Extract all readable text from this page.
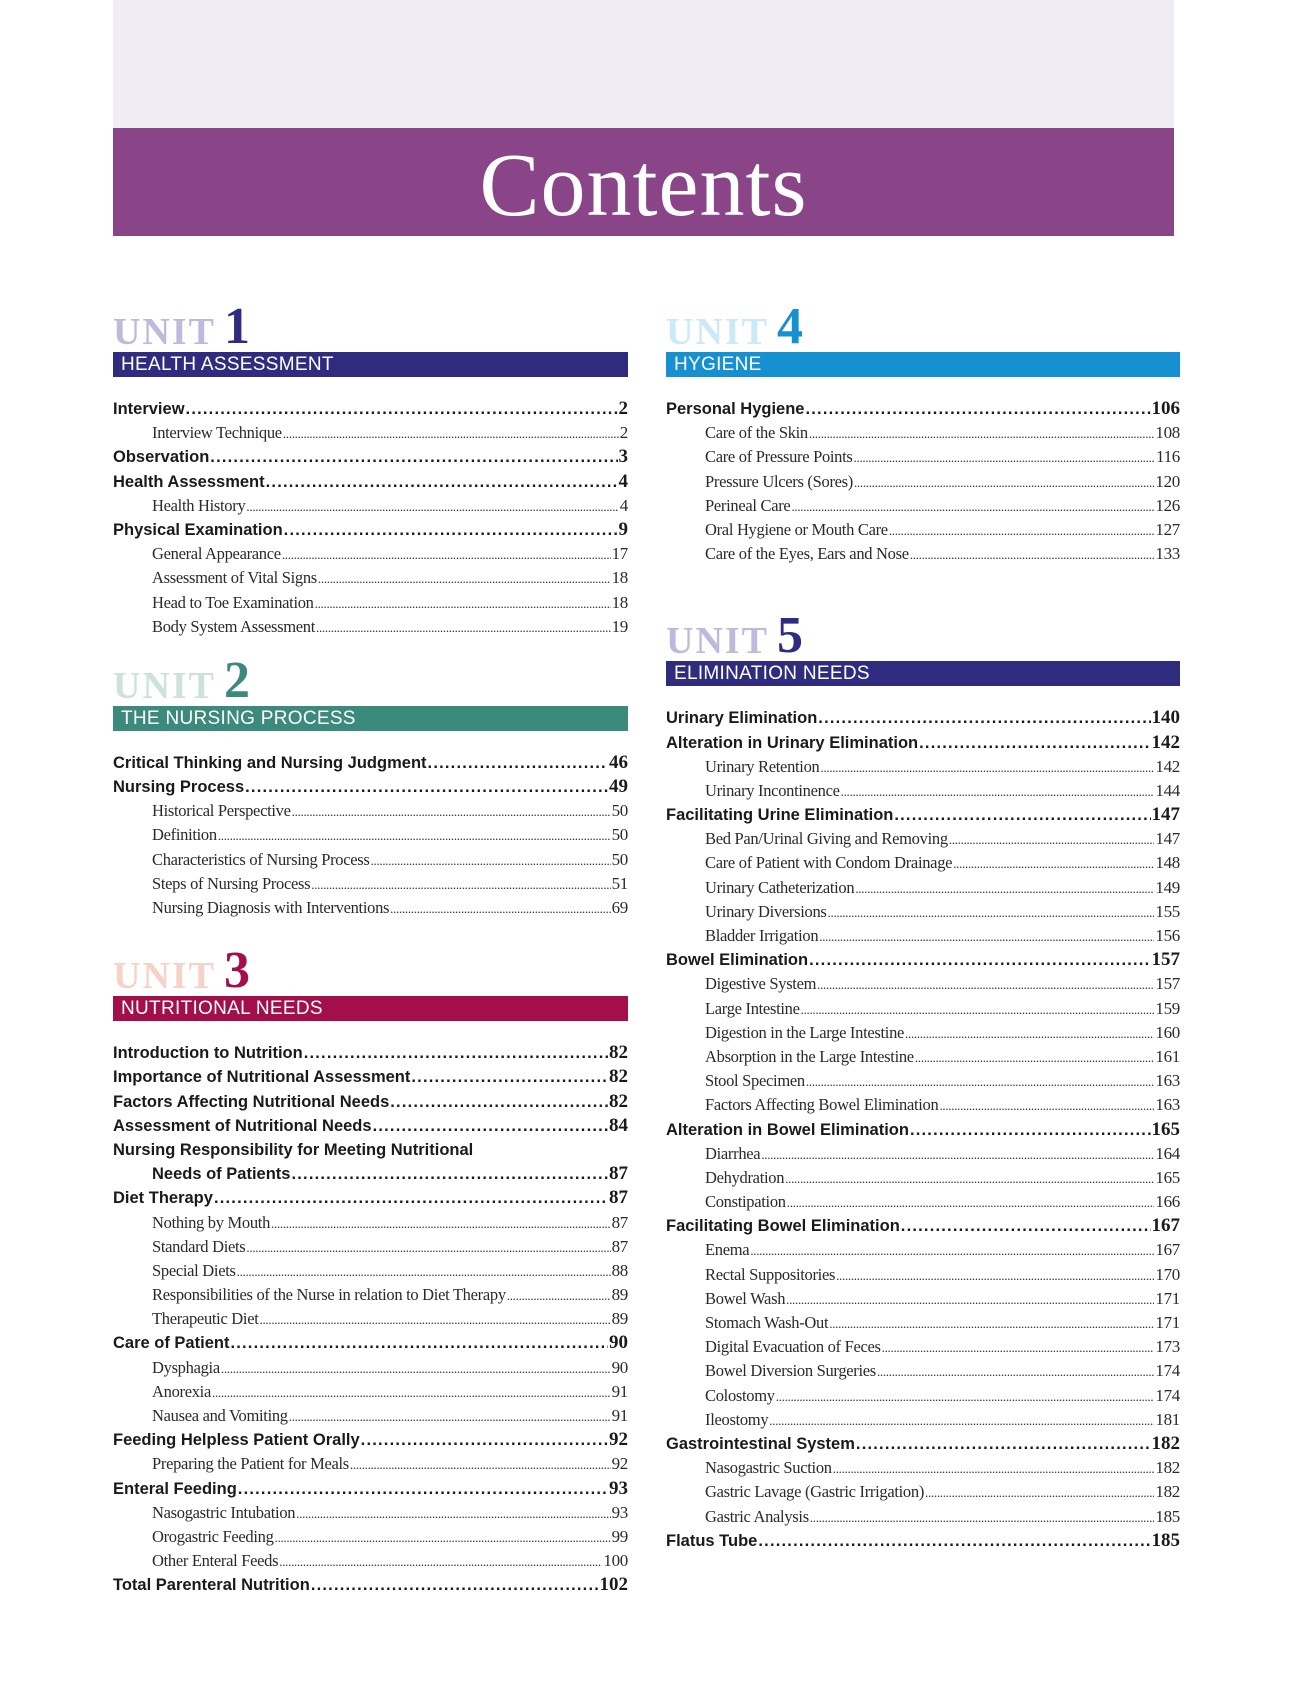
Contents
UNIT 1
HEALTH ASSESSMENT
Interview .....	2
Interview Technique .....	2
Observation .....	3
Health Assessment .....	4
Health History .....	4
Physical Examination .....	9
General Appearance .....	17
Assessment of Vital Signs .....	18
Head to Toe Examination .....	18
Body System Assessment .....	19
UNIT 2
THE NURSING PROCESS
Critical Thinking and Nursing Judgment .....	46
Nursing Process .....	49
Historical Perspective .....	50
Definition .....	50
Characteristics of Nursing Process .....	50
Steps of Nursing Process .....	51
Nursing Diagnosis with Interventions .....	69
UNIT 3
NUTRITIONAL NEEDS
Introduction to Nutrition .....	82
Importance of Nutritional Assessment .....	82
Factors Affecting Nutritional Needs .....	82
Assessment of Nutritional Needs .....	84
Nursing Responsibility for Meeting Nutritional
Needs of Patients .....	87
Diet Therapy .....	87
Nothing by Mouth .....	87
Standard Diets .....	87
Special Diets .....	88
Responsibilities of the Nurse in relation to Diet Therapy .....	89
Therapeutic Diet .....	89
Care of Patient .....	90
Dysphagia .....	90
Anorexia .....	91
Nausea and Vomiting .....	91
Feeding Helpless Patient Orally .....	92
Preparing the Patient for Meals .....	92
Enteral Feeding .....	93
Nasogastric Intubation .....	93
Orogastric Feeding .....	99
Other Enteral Feeds .....	100
Total Parenteral Nutrition .....	102
UNIT 4
HYGIENE
Personal Hygiene .....	106
Care of the Skin .....	108
Care of Pressure Points .....	116
Pressure Ulcers (Sores) .....	120
Perineal Care .....	126
Oral Hygiene or Mouth Care .....	127
Care of the Eyes, Ears and Nose .....	133
UNIT 5
ELIMINATION NEEDS
Urinary Elimination .....	140
Alteration in Urinary Elimination .....	142
Urinary Retention .....	142
Urinary Incontinence .....	144
Facilitating Urine Elimination .....	147
Bed Pan/Urinal Giving and Removing .....	147
Care of Patient with Condom Drainage .....	148
Urinary Catheterization .....	149
Urinary Diversions .....	155
Bladder Irrigation .....	156
Bowel Elimination .....	157
Digestive System .....	157
Large Intestine .....	159
Digestion in the Large Intestine .....	160
Absorption in the Large Intestine .....	161
Stool Specimen .....	163
Factors Affecting Bowel Elimination .....	163
Alteration in Bowel Elimination .....	165
Diarrhea .....	164
Dehydration .....	165
Constipation .....	166
Facilitating Bowel Elimination .....	167
Enema .....	167
Rectal Suppositories .....	170
Bowel Wash .....	171
Stomach Wash-Out .....	171
Digital Evacuation of Feces .....	173
Bowel Diversion Surgeries .....	174
Colostomy .....	174
Ileostomy .....	181
Gastrointestinal System .....	182
Nasogastric Suction .....	182
Gastric Lavage (Gastric Irrigation) .....	182
Gastric Analysis .....	185
Flatus Tube .....	185
